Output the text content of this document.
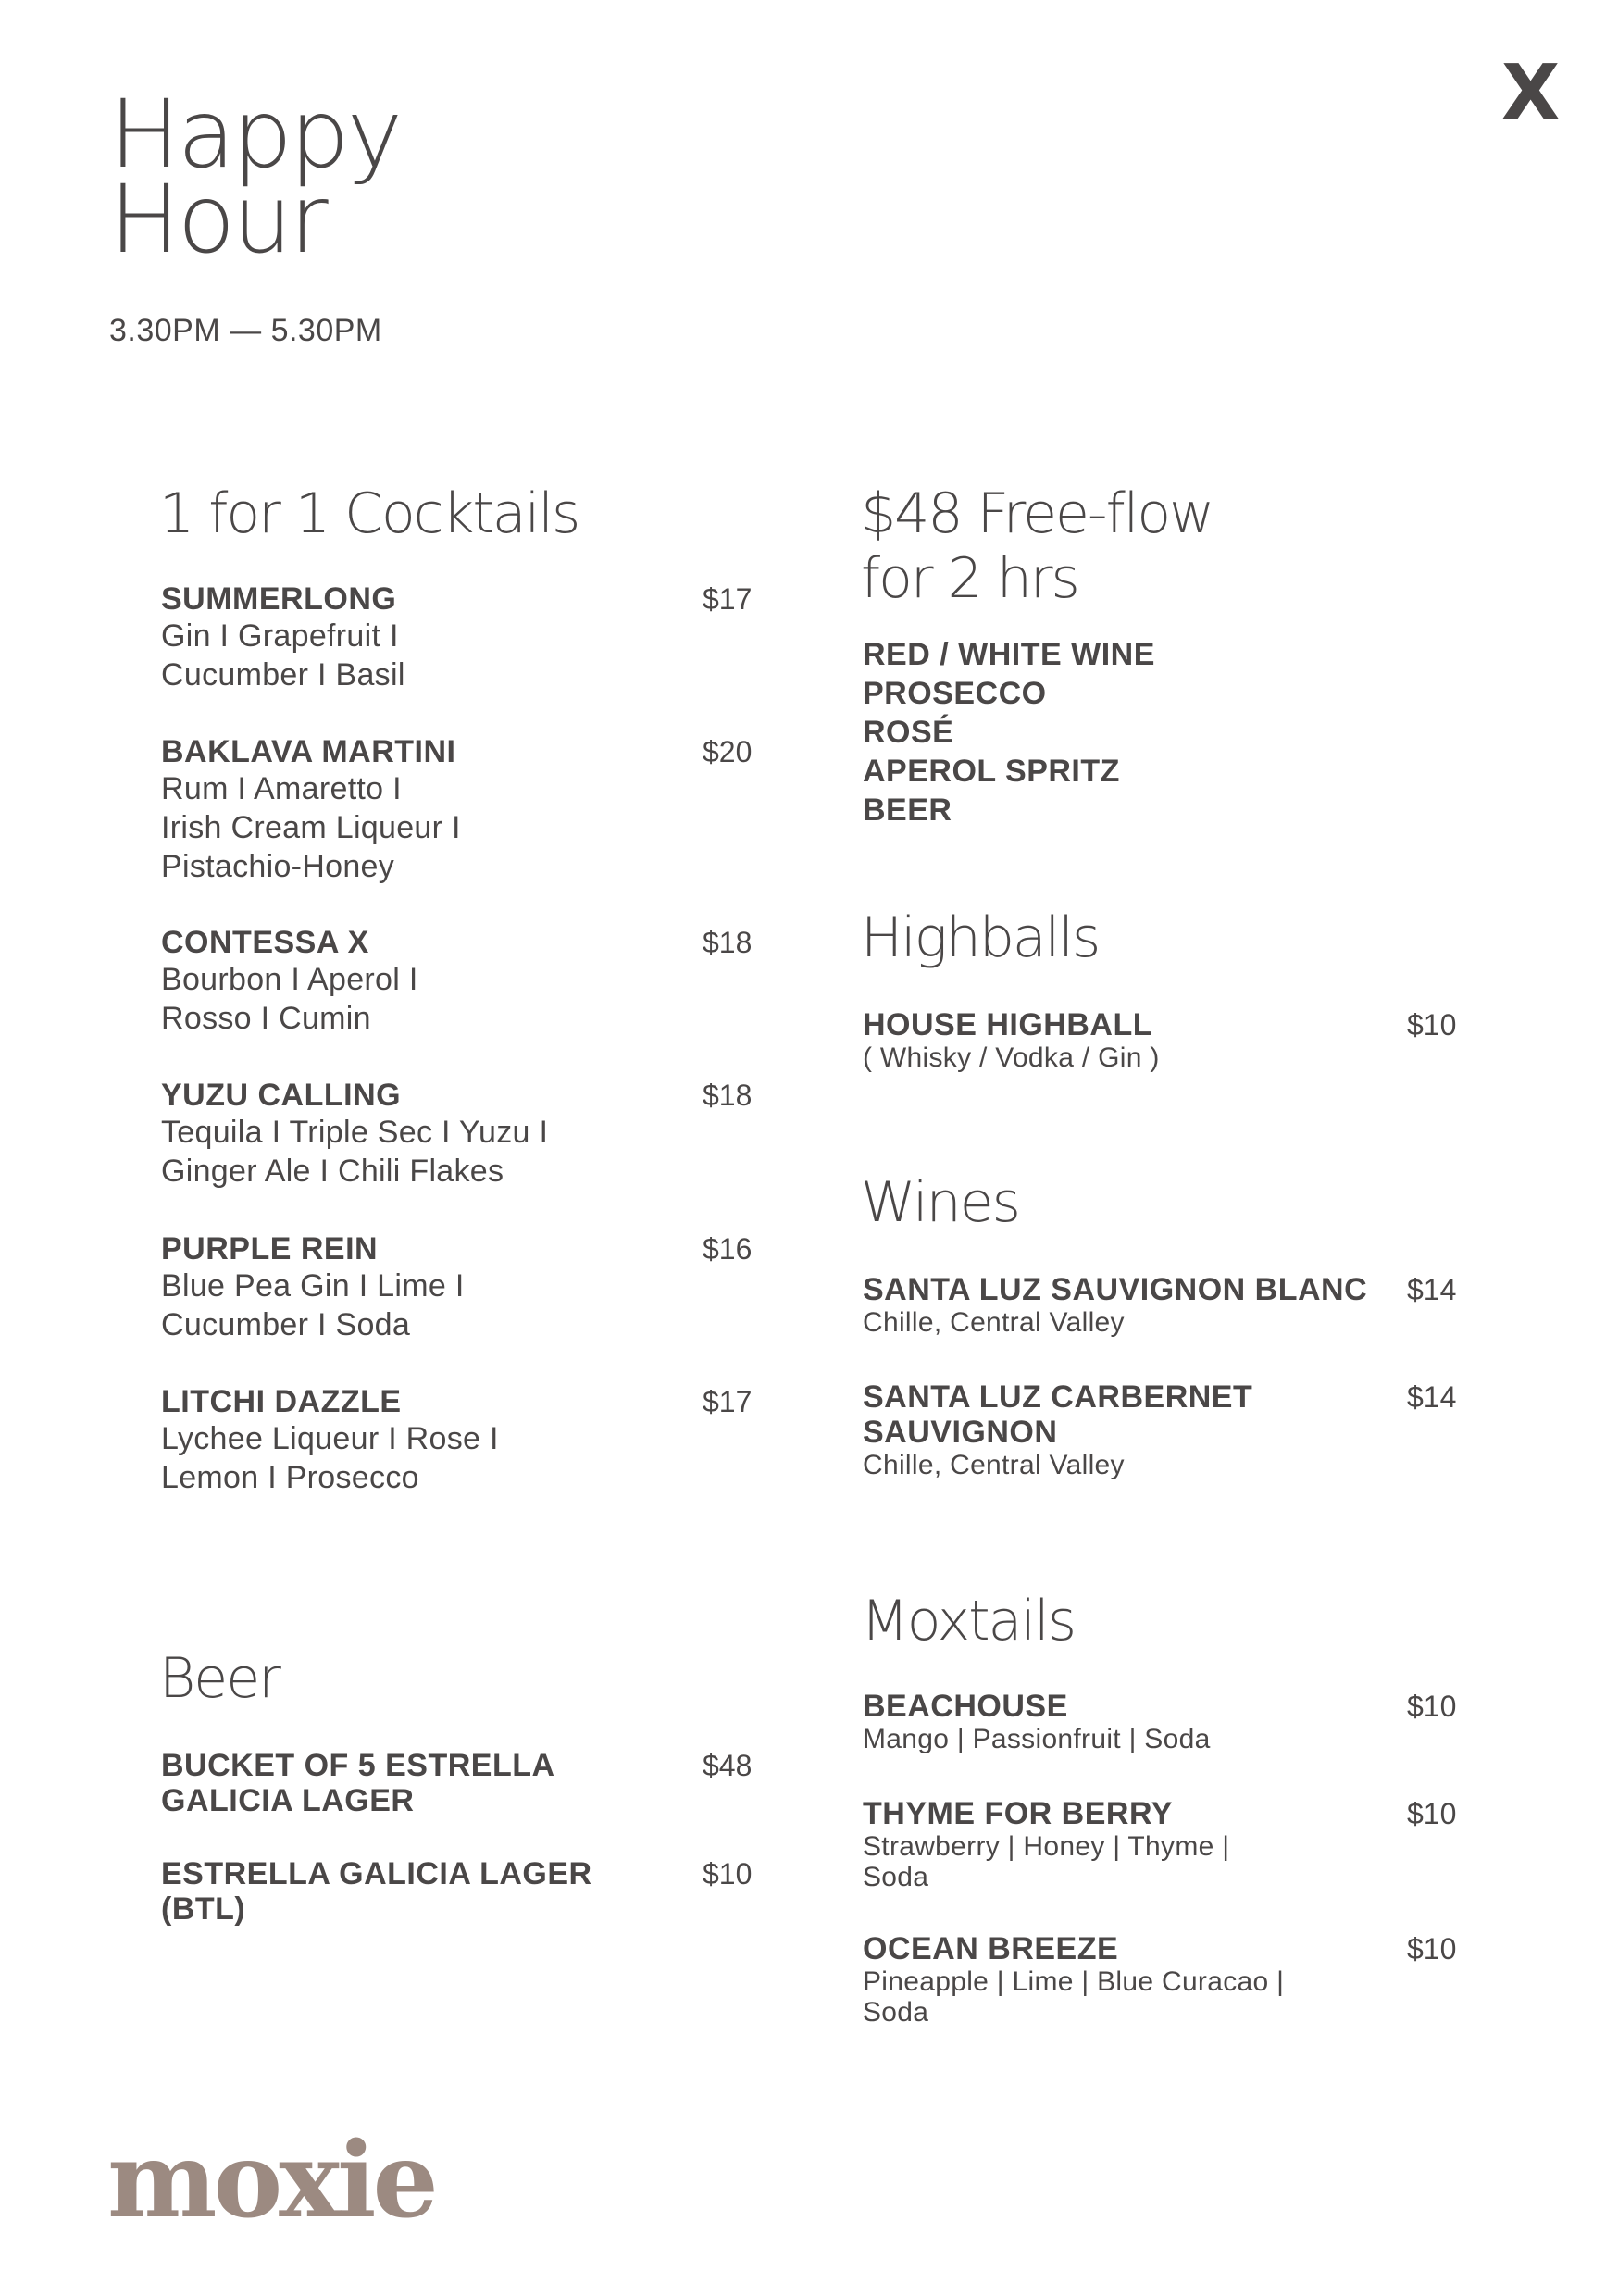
Happy
Hour
3.30PM — 5.30PM
X
1 for 1 Cocktails
SUMMERLONG
Gin I Grapefruit I
Cucumber I Basil
$17
BAKLAVA MARTINI
Rum I Amaretto I
Irish Cream Liqueur I
Pistachio-Honey
$20
CONTESSA X
Bourbon I Aperol I
Rosso I Cumin
$18
YUZU CALLING
Tequila I Triple Sec I Yuzu I
Ginger Ale I Chili Flakes
$18
PURPLE REIN
Blue Pea Gin I Lime I
Cucumber I Soda
$16
LITCHI DAZZLE
Lychee Liqueur I Rose I
Lemon I Prosecco
$17
Beer
BUCKET OF 5 ESTRELLA
GALICIA LAGER
$48
ESTRELLA GALICIA LAGER
(BTL)
$10
$48 Free-flow
for 2 hrs
RED / WHITE WINE
PROSECCO
ROSÉ
APEROL SPRITZ
BEER
Highballs
HOUSE HIGHBALL
( Whisky / Vodka / Gin )
$10
Wines
SANTA LUZ SAUVIGNON BLANC
Chille, Central Valley
$14
SANTA LUZ CARBERNET
SAUVIGNON
Chille, Central Valley
$14
Moxtails
BEACHOUSE
Mango | Passionfruit | Soda
$10
THYME FOR BERRY
Strawberry | Honey | Thyme |
Soda
$10
OCEAN BREEZE
Pineapple | Lime | Blue Curacao |
Soda
$10
moxie
